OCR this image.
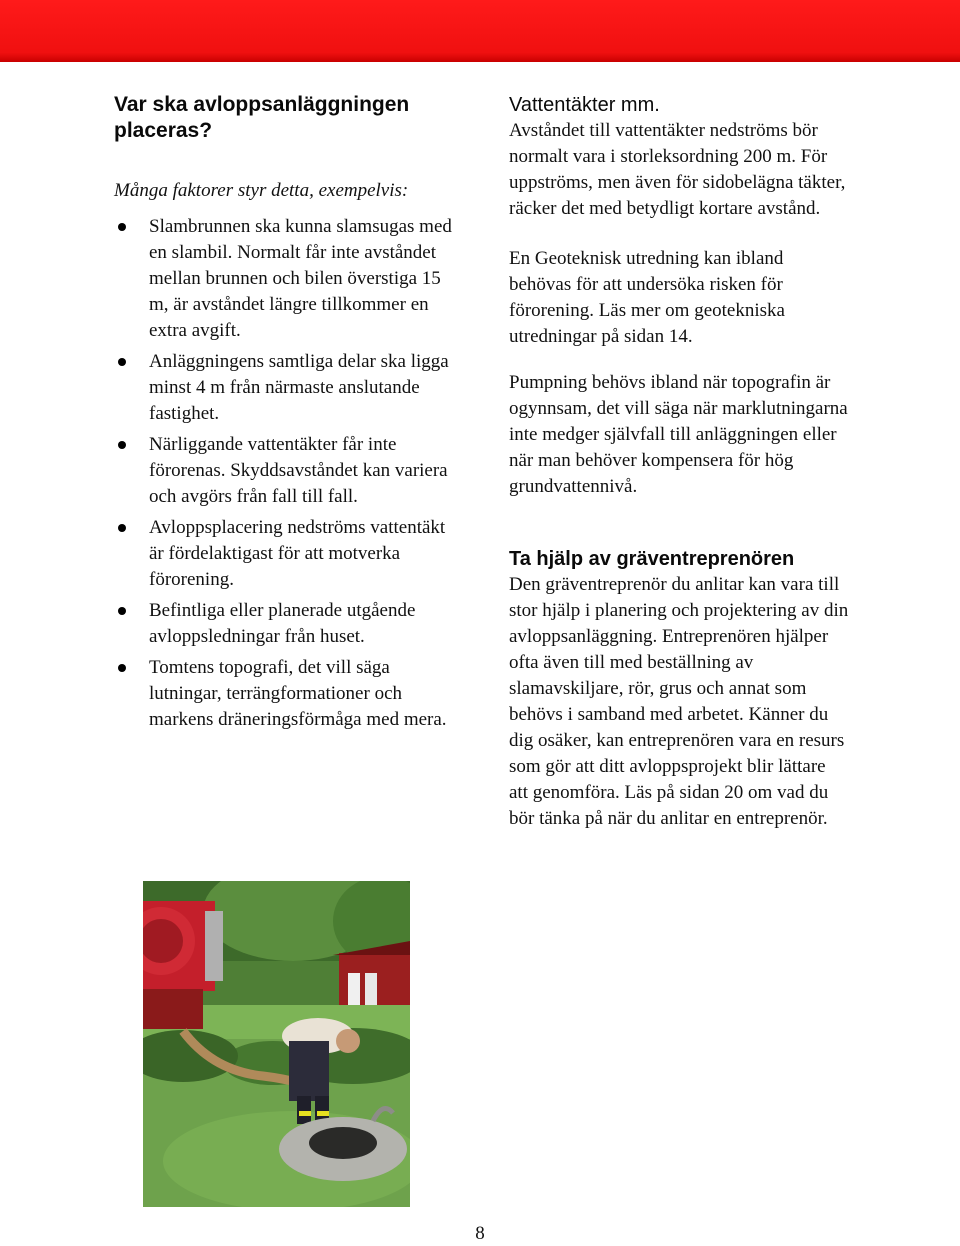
Var ska avloppsanläggningen placeras?

Många faktorer styr detta, exempelvis:

Slambrunnen ska kunna slamsugas med en slambil. Normalt får inte avståndet mellan brunnen och bilen överstiga 15 m, är avståndet längre tillkommer en extra avgift.
Anläggningens samtliga delar ska ligga minst 4 m från närmaste anslutande fastighet.
Närliggande vattentäkter får inte förorenas. Skyddsavståndet kan variera och avgörs från fall till fall.
Avloppsplacering nedströms vattentäkt är fördelaktigast för att motverka förorening.
Befintliga eller planerade utgående avloppsledningar från huset.
Tomtens topografi, det vill säga lutningar, terrängformationer och markens dräneringsförmåga med mera.
Vattentäkter mm.

Avståndet till vattentäkter nedströms bör normalt vara i storleksordning 200 m. För uppströms, men även för sidobelägna täkter, räcker det med betydligt kortare avstånd.

En Geoteknisk utredning kan ibland behövas för att undersöka risken för förorening. Läs mer om geotekniska utredningar på sidan 14.

Pumpning behövs ibland när topografin är ogynnsam, det vill säga när marklutningarna inte medger självfall till anläggningen eller när man behöver kompensera för hög grundvattennivå.

Ta hjälp av gräventreprenören

Den gräventreprenör du anlitar kan vara till stor hjälp i planering och projektering av din avloppsanläggning. Entreprenören hjälper ofta även till med beställning av slamavskiljare, rör, grus och annat som behövs i samband med arbetet. Känner du dig osäker, kan entreprenören vara en resurs som gör att ditt avloppsprojekt blir lättare att genomföra. Läs på sidan 20 om vad du bör tänka på när du anlitar en entreprenör.

8
